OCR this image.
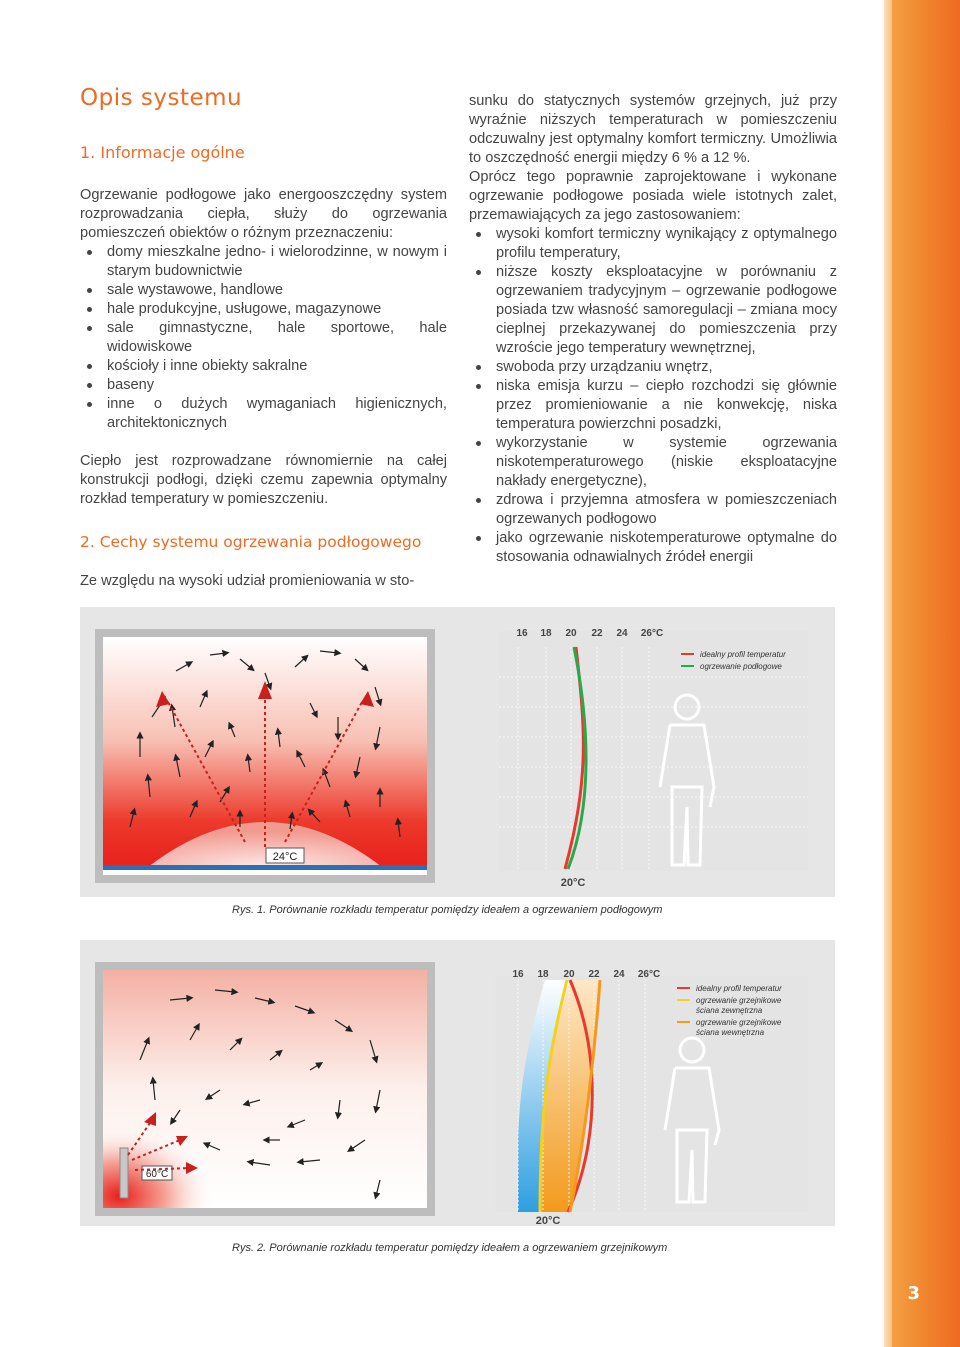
3
Opis systemu
1. Informacje ogólne

Ogrzewanie podłogowe jako energooszczędny system rozprowadzania ciepła, służy do ogrzewania pomieszczeń obiektów o różnym przeznaczeniu:

domy mieszkalne jedno- i wielorodzinne, w nowym i starym budownictwie
sale wystawowe, handlowe
hale produkcyjne, usługowe, magazynowe
sale gimnastyczne, hale sportowe, hale widowiskowe
kościoły i inne obiekty sakralne
baseny
inne o dużych wymaganiach higienicznych, architektonicznych

Ciepło jest rozprowadzane równomiernie na całej konstrukcji podłogi, dzięki czemu zapewnia optymalny rozkład temperatury w pomieszczeniu.

2. Cechy systemu ogrzewania podłogowego

Ze względu na wysoki udział promieniowania w sto-

sunku do statycznych systemów grzejnych, już przy wyraźnie niższych temperaturach w pomieszczeniu odczuwalny jest optymalny komfort termiczny. Umożliwia to oszczędność energii między 6 % a 12 %.

Oprócz tego poprawnie zaprojektowane i wykonane ogrzewanie podłogowe posiada wiele istotnych zalet, przemawiających za jego zastosowaniem:

wysoki komfort termiczny wynikający z optymalnego profilu temperatury,
niższe koszty eksploatacyjne w porównaniu z ogrzewaniem tradycyjnym – ogrzewanie podłogowe posiada tzw własność samoregulacji – zmiana mocy cieplnej przekazywanej do pomieszczenia przy wzroście jego temperatury wewnętrznej,
swoboda przy urządzaniu wnętrz,
niska emisja kurzu – ciepło rozchodzi się głównie przez promieniowanie a nie konwekcję, niska temperatura powierzchni posadzki,
wykorzystanie w systemie ogrzewania niskotemperaturowego (niskie eksploatacyjne nakłady energetyczne),
zdrowa i przyjemna atmosfera w pomieszczeniach ogrzewanych podłogowo
jako ogrzewanie niskotemperaturowe optymalne do stosowania odnawialnych źródeł energii
24°C
16 18 20 22 24 26°C
idealny profil temperatur
ogrzewanie podłogowe
20°C
Rys. 1. Porównanie rozkładu temperatur pomiędzy ideałem a ogrzewaniem podłogowym
60°C
16 18 20 22 24 26°C
idealny profil temperatur
ogrzewanie grzejnikowe
ściana zewnętrzna
ogrzewanie grzejnikowe
ściana wewnętrzna
20°C
Rys. 2. Porównanie rozkładu temperatur pomiędzy ideałem a ogrzewaniem grzejnikowym
